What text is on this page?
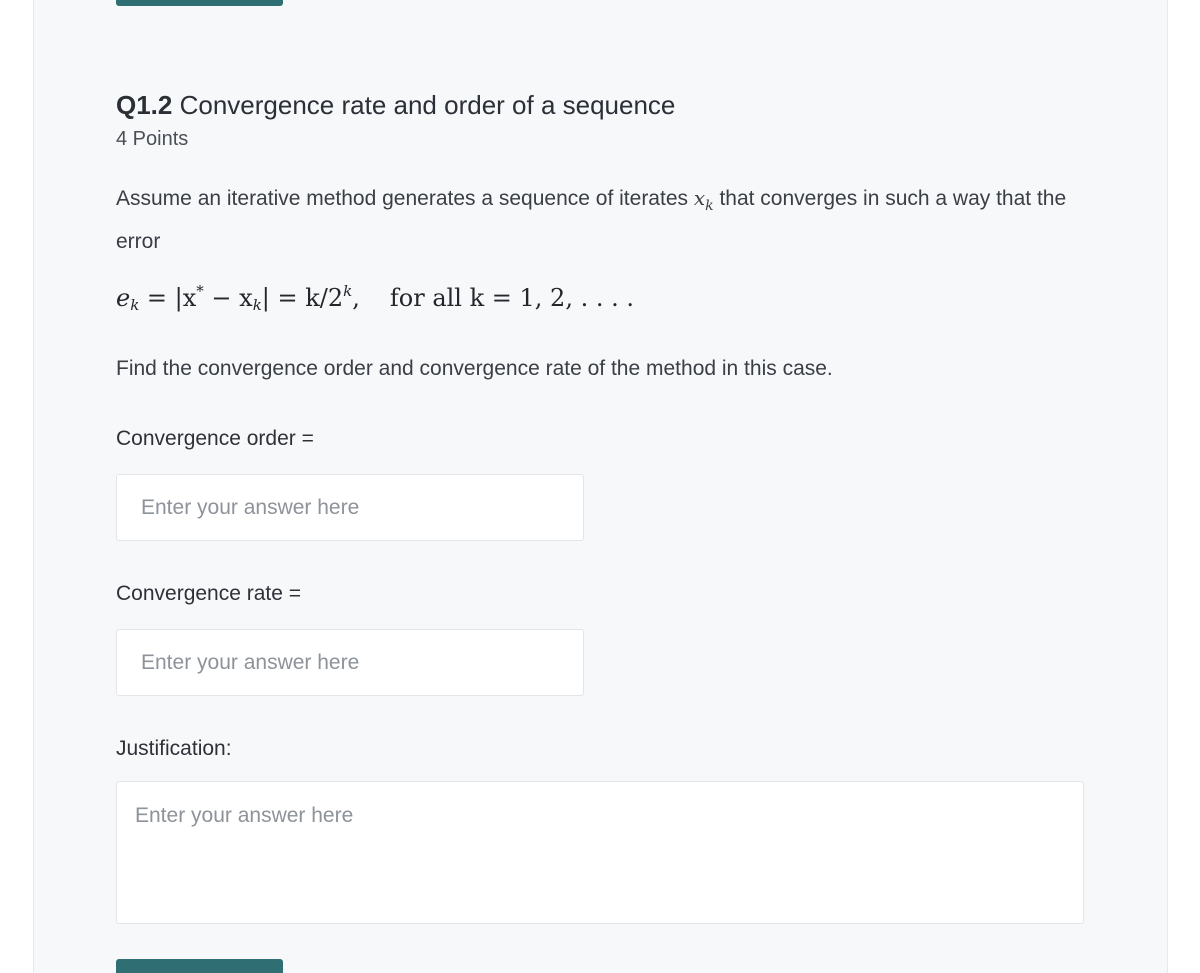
Q1.2 Convergence rate and order of a sequence
4 Points
Assume an iterative method generates a sequence of iterates $x_k$ that converges in such a way that the error
$e_k = |x^* - x_k| = k/2^k$, for all k = 1, 2, . . . .
Find the convergence order and convergence rate of the method in this case.
Convergence order =
Enter your answer here
Convergence rate =
Enter your answer here
Justification:
Enter your answer here
